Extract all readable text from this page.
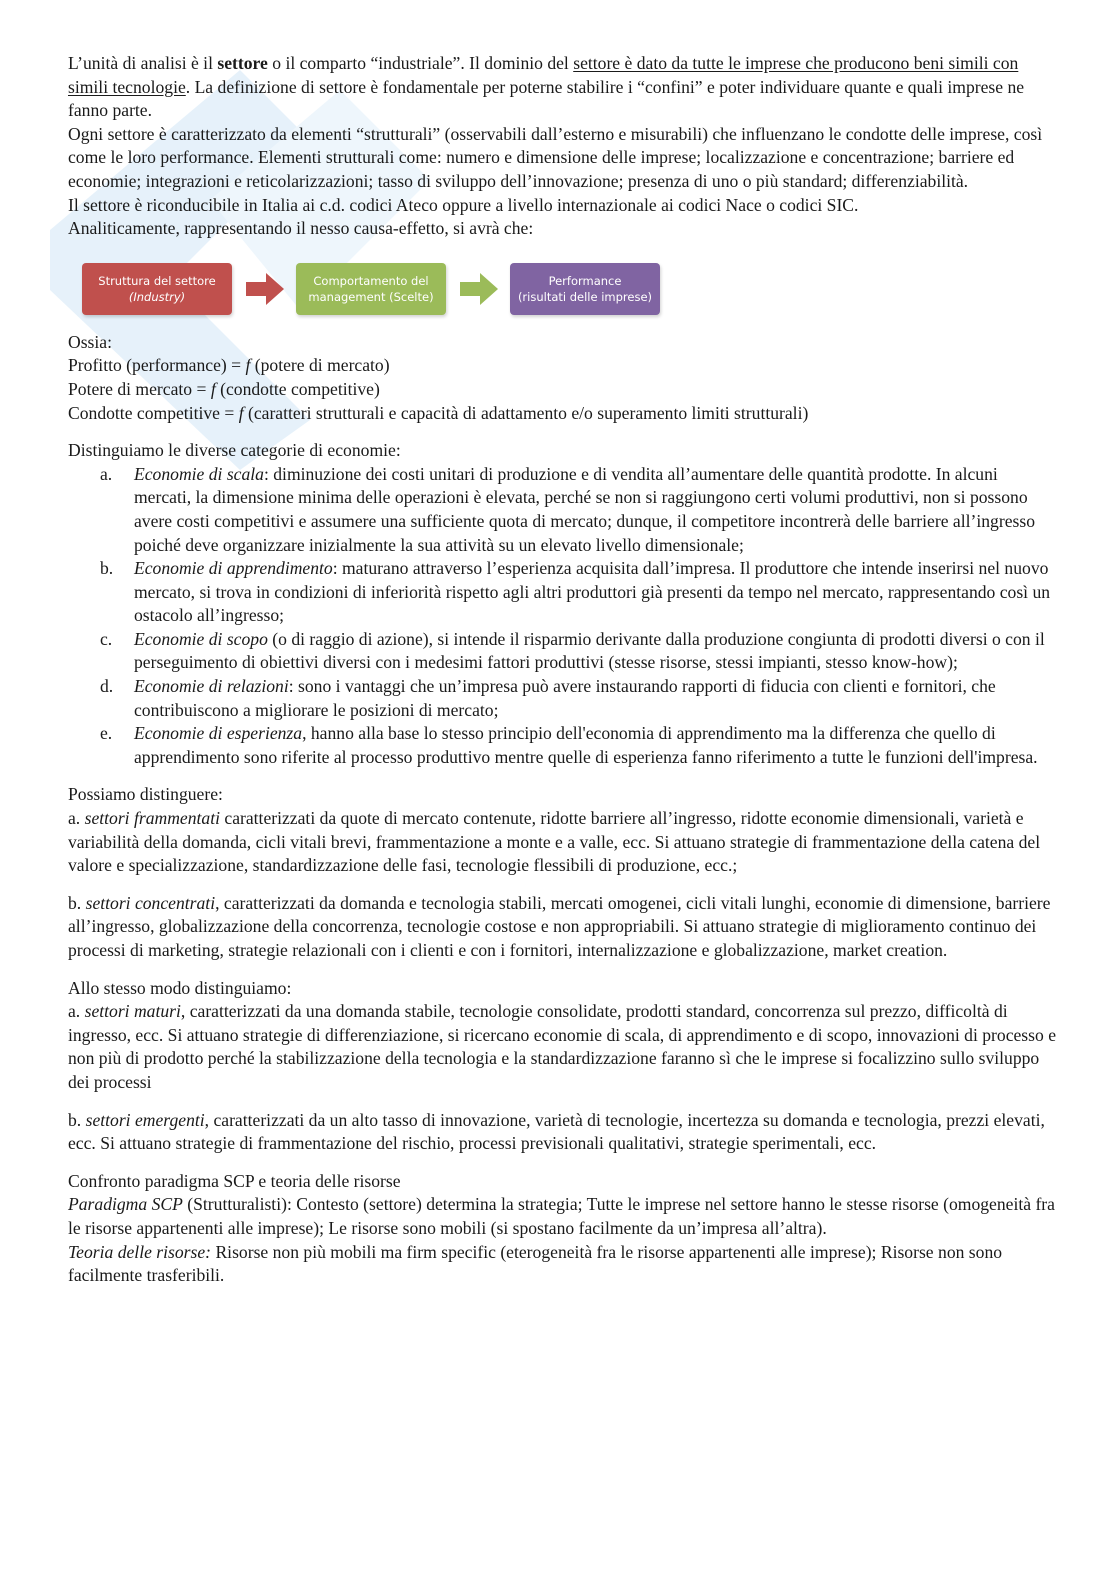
L’unità di analisi è il settore o il comparto “industriale”. Il dominio del settore è dato da tutte le imprese che producono beni simili con simili tecnologie. La definizione di settore è fondamentale per poterne stabilire i “confini” e poter individuare quante e quali imprese ne fanno parte.

Ogni settore è caratterizzato da elementi “strutturali” (osservabili dall’esterno e misurabili) che influenzano le condotte delle imprese, così come le loro performance. Elementi strutturali come: numero e dimensione delle imprese; localizzazione e concentrazione; barriere ed economie; integrazioni e reticolarizzazioni; tasso di sviluppo dell’innovazione; presenza di uno o più standard; differenziabilità.

Il settore è riconducibile in Italia ai c.d. codici Ateco oppure a livello internazionale ai codici Nace o codici SIC.

Analiticamente, rappresentando il nesso causa-effetto, si avrà che:

Struttura del settore
(Industry)
Comportamento del
management (Scelte)
Performance
(risultati delle imprese)

Ossia:

Profitto (performance) = f (potere di mercato)

Potere di mercato = f (condotte competitive)

Condotte competitive = f (caratteri strutturali e capacità di adattamento e/o superamento limiti strutturali)

Distinguiamo le diverse categorie di economie:

a.	Economie di scala: diminuzione dei costi unitari di produzione e di vendita all’aumentare delle quantità prodotte. In alcuni mercati, la dimensione minima delle operazioni è elevata, perché se non si raggiungono certi volumi produttivi, non si possono avere costi competitivi e assumere una sufficiente quota di mercato; dunque, il competitore incontrerà delle barriere all’ingresso poiché deve organizzare inizialmente la sua attività su un elevato livello dimensionale;
b.	Economie di apprendimento: maturano attraverso l’esperienza acquisita dall’impresa. Il produttore che intende inserirsi nel nuovo mercato, si trova in condizioni di inferiorità rispetto agli altri produttori già presenti da tempo nel mercato, rappresentando così un ostacolo all’ingresso;
c.	Economie di scopo (o di raggio di azione), si intende il risparmio derivante dalla produzione congiunta di prodotti diversi o con il perseguimento di obiettivi diversi con i medesimi fattori produttivi (stesse risorse, stessi impianti, stesso know-how);
d.	Economie di relazioni: sono i vantaggi che un’impresa può avere instaurando rapporti di fiducia con clienti e fornitori, che contribuiscono a migliorare le posizioni di mercato;
e.	Economie di esperienza, hanno alla base lo stesso principio dell'economia di apprendimento ma la differenza che quello di apprendimento sono riferite al processo produttivo mentre quelle di esperienza fanno riferimento a tutte le funzioni dell'impresa.

Possiamo distinguere:

a. settori frammentati caratterizzati da quote di mercato contenute, ridotte barriere all’ingresso, ridotte economie dimensionali, varietà e variabilità della domanda, cicli vitali brevi, frammentazione a monte e a valle, ecc. Si attuano strategie di frammentazione della catena del valore e specializzazione, standardizzazione delle fasi, tecnologie flessibili di produzione, ecc.;

b. settori concentrati, caratterizzati da domanda e tecnologia stabili, mercati omogenei, cicli vitali lunghi, economie di dimensione, barriere all’ingresso, globalizzazione della concorrenza, tecnologie costose e non appropriabili. Si attuano strategie di miglioramento continuo dei processi di marketing, strategie relazionali con i clienti e con i fornitori, internalizzazione e globalizzazione, market creation.

Allo stesso modo distinguiamo:

a. settori maturi, caratterizzati da una domanda stabile, tecnologie consolidate, prodotti standard, concorrenza sul prezzo, difficoltà di ingresso, ecc. Si attuano strategie di differenziazione, si ricercano economie di scala, di apprendimento e di scopo, innovazioni di processo e non più di prodotto perché la stabilizzazione della tecnologia e la standardizzazione faranno sì che le imprese si focalizzino sullo sviluppo dei processi

b. settori emergenti, caratterizzati da un alto tasso di innovazione, varietà di tecnologie, incertezza su domanda e tecnologia, prezzi elevati, ecc. Si attuano strategie di frammentazione del rischio, processi previsionali qualitativi, strategie sperimentali, ecc.

Confronto paradigma SCP e teoria delle risorse

Paradigma SCP (Strutturalisti): Contesto (settore) determina la strategia; Tutte le imprese nel settore hanno le stesse risorse (omogeneità fra le risorse appartenenti alle imprese); Le risorse sono mobili (si spostano facilmente da un’impresa all’altra).

Teoria delle risorse: Risorse non più mobili ma firm specific (eterogeneità fra le risorse appartenenti alle imprese); Risorse non sono facilmente trasferibili.
